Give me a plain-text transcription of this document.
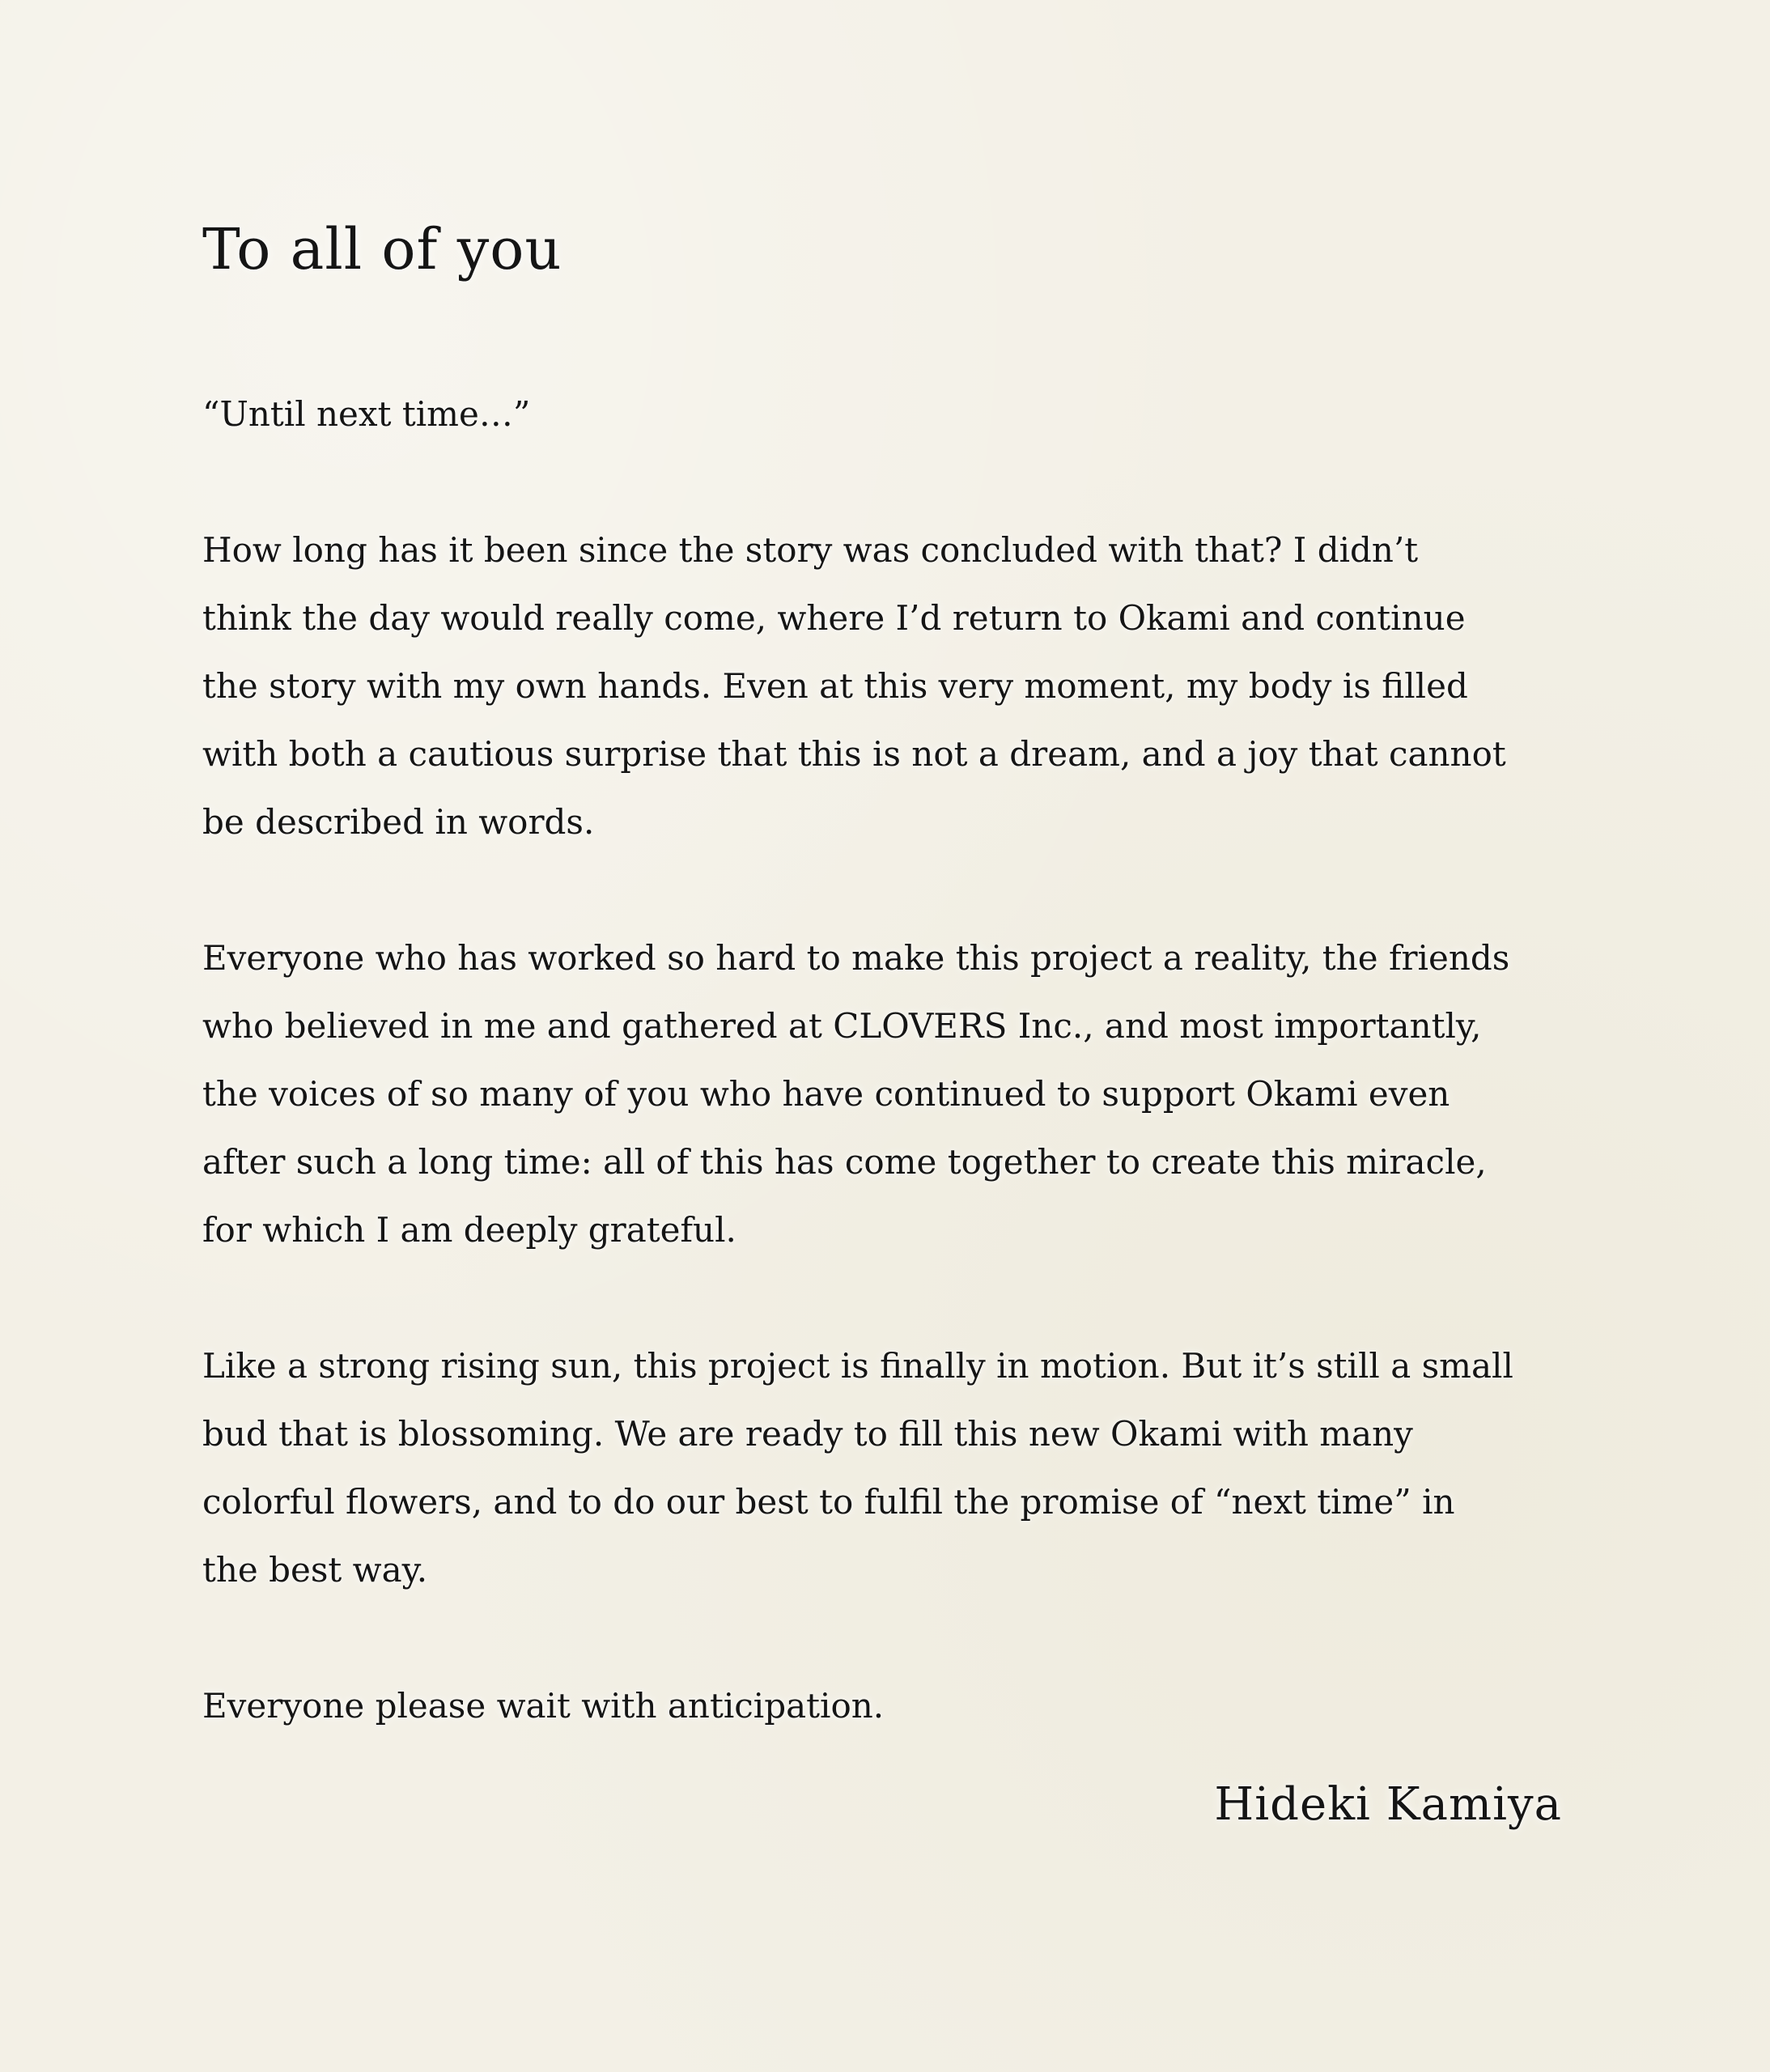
To all of you

“Until next time…”

How long has it been since the story was concluded with that? I didn’t
think the day would really come, where I’d return to Okami and continue
the story with my own hands. Even at this very moment, my body is filled
with both a cautious surprise that this is not a dream, and a joy that cannot
be described in words.

Everyone who has worked so hard to make this project a reality, the friends
who believed in me and gathered at CLOVERS Inc., and most importantly,
the voices of so many of you who have continued to support Okami even
after such a long time: all of this has come together to create this miracle,
for which I am deeply grateful.

Like a strong rising sun, this project is finally in motion. But it’s still a small
bud that is blossoming. We are ready to fill this new Okami with many
colorful flowers, and to do our best to fulfil the promise of “next time” in
the best way.

Everyone please wait with anticipation.

Hideki Kamiya
